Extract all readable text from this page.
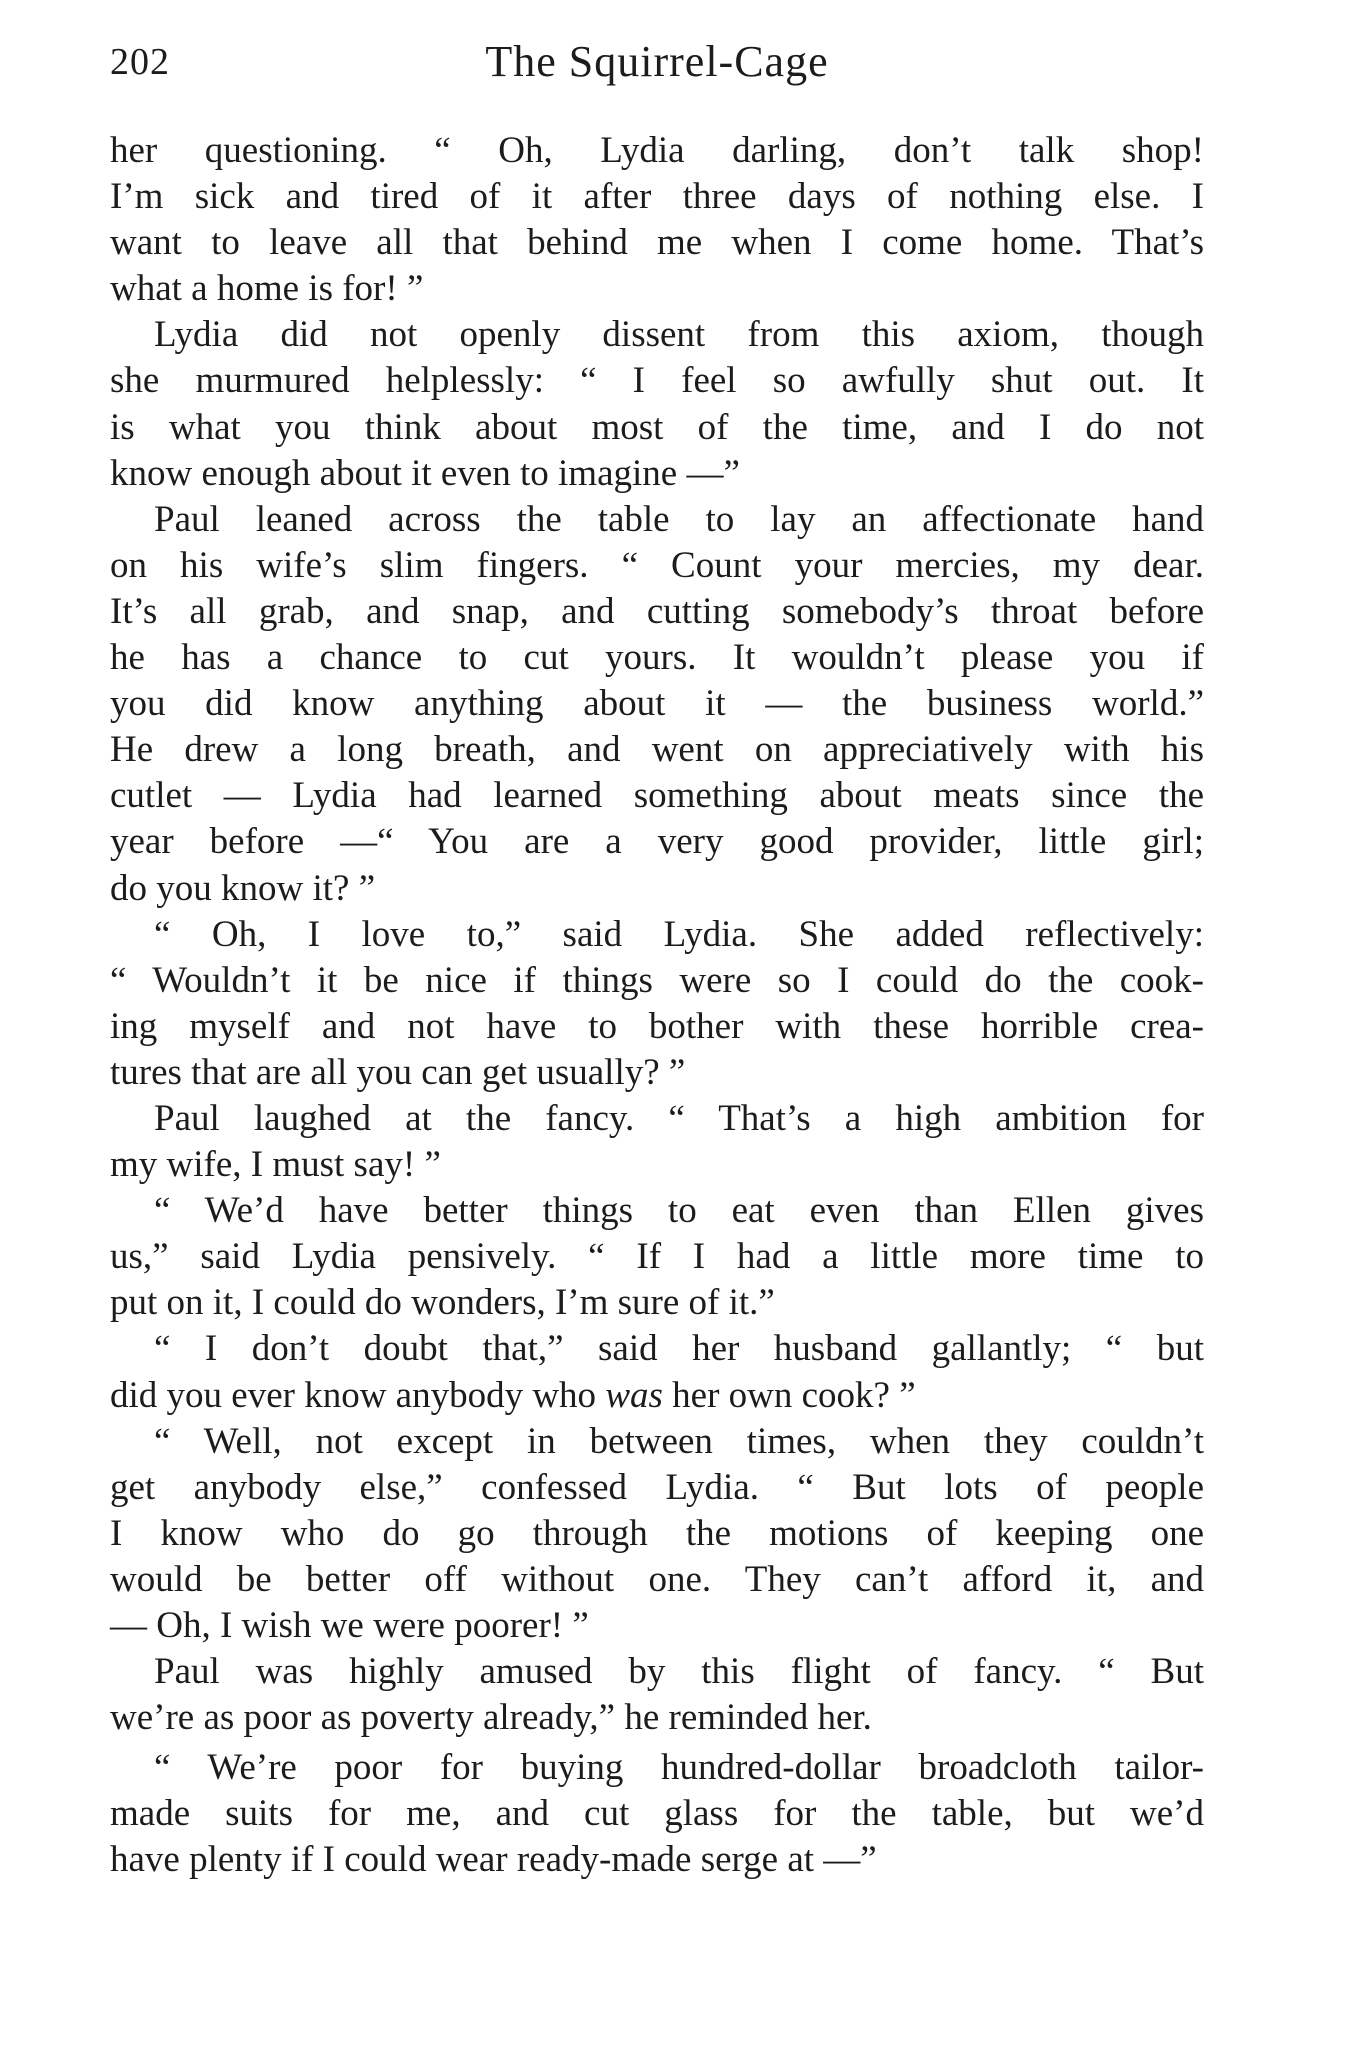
202	The Squirrel-Cage
her questioning. “ Oh, Lydia darling, don’t talk shop!
I’m sick and tired of it after three days of nothing else. I
want to leave all that behind me when I come home. That’s
what a home is for! ”
Lydia did not openly dissent from this axiom, though
she murmured helplessly: “ I feel so awfully shut out. It
is what you think about most of the time, and I do not
know enough about it even to imagine —”
Paul leaned across the table to lay an affectionate hand
on his wife’s slim fingers. “ Count your mercies, my dear.
It’s all grab, and snap, and cutting somebody’s throat before
he has a chance to cut yours. It wouldn’t please you if
you did know anything about it — the business world.”
He drew a long breath, and went on appreciatively with his
cutlet — Lydia had learned something about meats since the
year before —“ You are a very good provider, little girl;
do you know it? ”
“ Oh, I love to,” said Lydia. She added reflectively:
“ Wouldn’t it be nice if things were so I could do the cook-
ing myself and not have to bother with these horrible crea-
tures that are all you can get usually? ”
Paul laughed at the fancy. “ That’s a high ambition for
my wife, I must say! ”
“ We’d have better things to eat even than Ellen gives
us,” said Lydia pensively. “ If I had a little more time to
put on it, I could do wonders, I’m sure of it.”
“ I don’t doubt that,” said her husband gallantly; “ but
did you ever know anybody who was her own cook? ”
“ Well, not except in between times, when they couldn’t
get anybody else,” confessed Lydia. “ But lots of people
I know who do go through the motions of keeping one
would be better off without one. They can’t afford it, and
— Oh, I wish we were poorer! ”
Paul was highly amused by this flight of fancy. “ But
we’re as poor as poverty already,” he reminded her.
“ We’re poor for buying hundred-dollar broadcloth tailor-
made suits for me, and cut glass for the table, but we’d
have plenty if I could wear ready-made serge at —”
